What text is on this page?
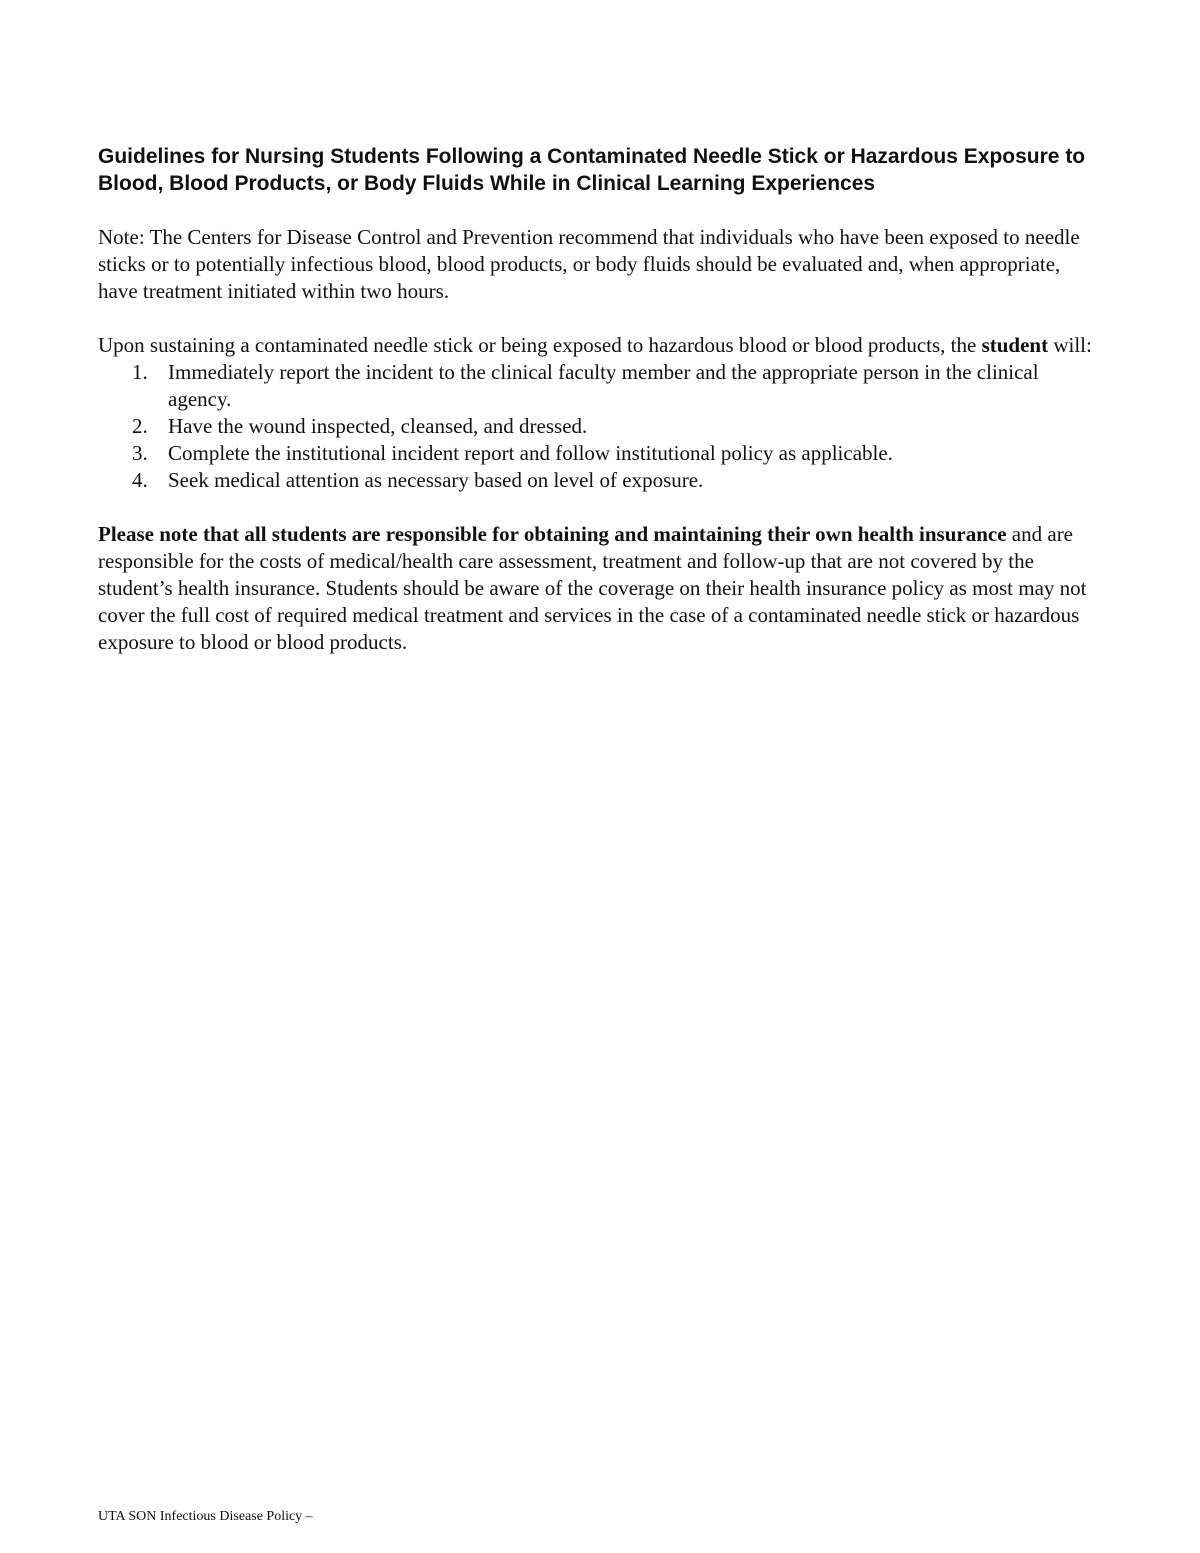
Guidelines for Nursing Students Following a Contaminated Needle Stick or Hazardous Exposure to Blood, Blood Products, or Body Fluids While in Clinical Learning Experiences

Note: The Centers for Disease Control and Prevention recommend that individuals who have been exposed to needle sticks or to potentially infectious blood, blood products, or body fluids should be evaluated and, when appropriate, have treatment initiated within two hours.

Upon sustaining a contaminated needle stick or being exposed to hazardous blood or blood products, the student will:

1. Immediately report the incident to the clinical faculty member and the appropriate person in the clinical agency.
2. Have the wound inspected, cleansed, and dressed.
3. Complete the institutional incident report and follow institutional policy as applicable.
4. Seek medical attention as necessary based on level of exposure.

Please note that all students are responsible for obtaining and maintaining their own health insurance and are responsible for the costs of medical/health care assessment, treatment and follow-up that are not covered by the student’s health insurance. Students should be aware of the coverage on their health insurance policy as most may not cover the full cost of required medical treatment and services in the case of a contaminated needle stick or hazardous exposure to blood or blood products.

UTA SON Infectious Disease Policy –
